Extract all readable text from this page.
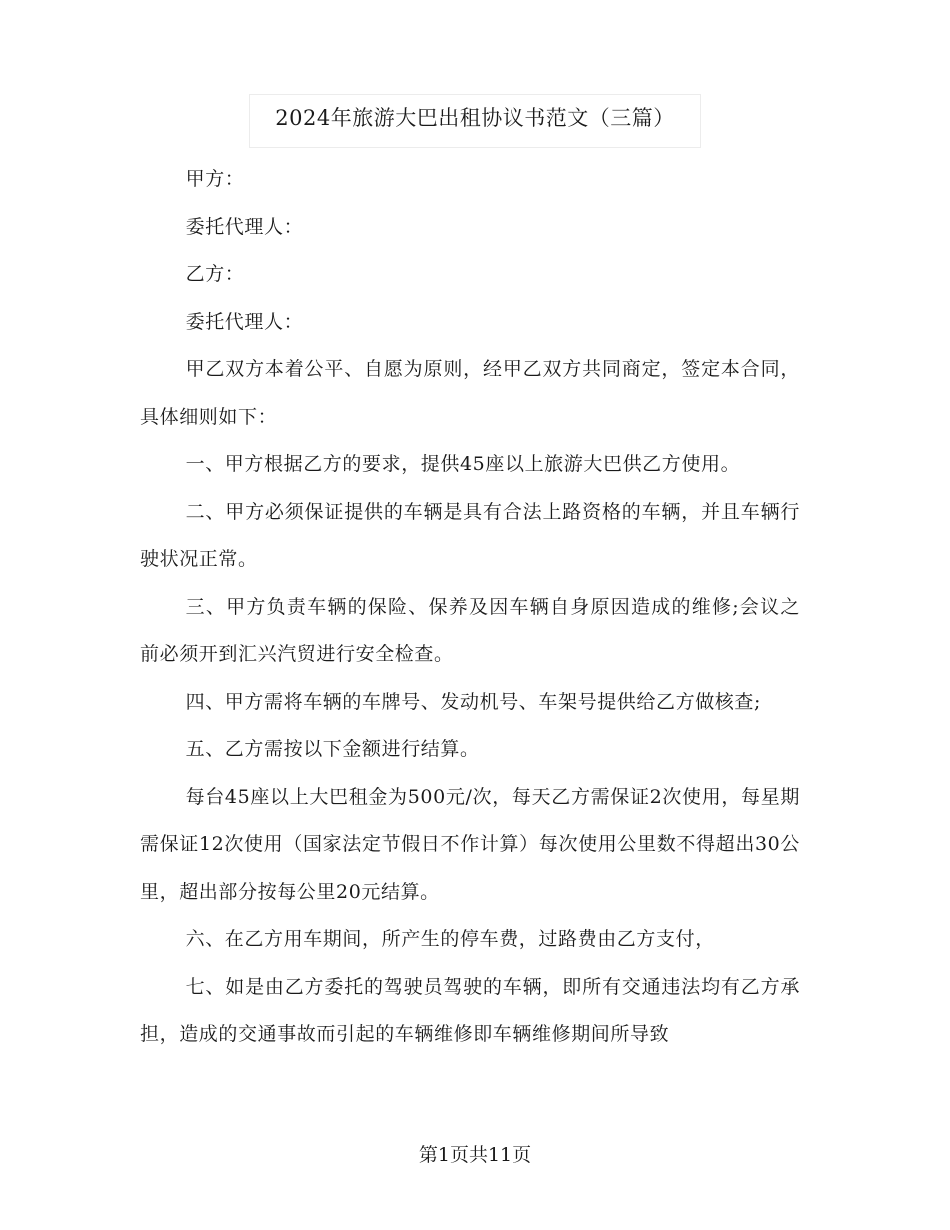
2024年旅游大巴出租协议书范文（三篇）

甲方：

委托代理人：

乙方：

委托代理人：

甲乙双方本着公平、自愿为原则，经甲乙双方共同商定，签定本合同，具体细则如下：

一、甲方根据乙方的要求，提供45座以上旅游大巴供乙方使用。

二、甲方必须保证提供的车辆是具有合法上路资格的车辆，并且车辆行驶状况正常。

三、甲方负责车辆的保险、保养及因车辆自身原因造成的维修;会议之前必须开到汇兴汽贸进行安全检查。

四、甲方需将车辆的车牌号、发动机号、车架号提供给乙方做核查;

五、乙方需按以下金额进行结算。

每台45座以上大巴租金为500元/次，每天乙方需保证2次使用，每星期需保证12次使用（国家法定节假日不作计算）每次使用公里数不得超出30公里，超出部分按每公里20元结算。

六、在乙方用车期间，所产生的停车费，过路费由乙方支付，

七、如是由乙方委托的驾驶员驾驶的车辆，即所有交通违法均有乙方承担，造成的交通事故而引起的车辆维修即车辆维修期间所导致

第1页共11页
